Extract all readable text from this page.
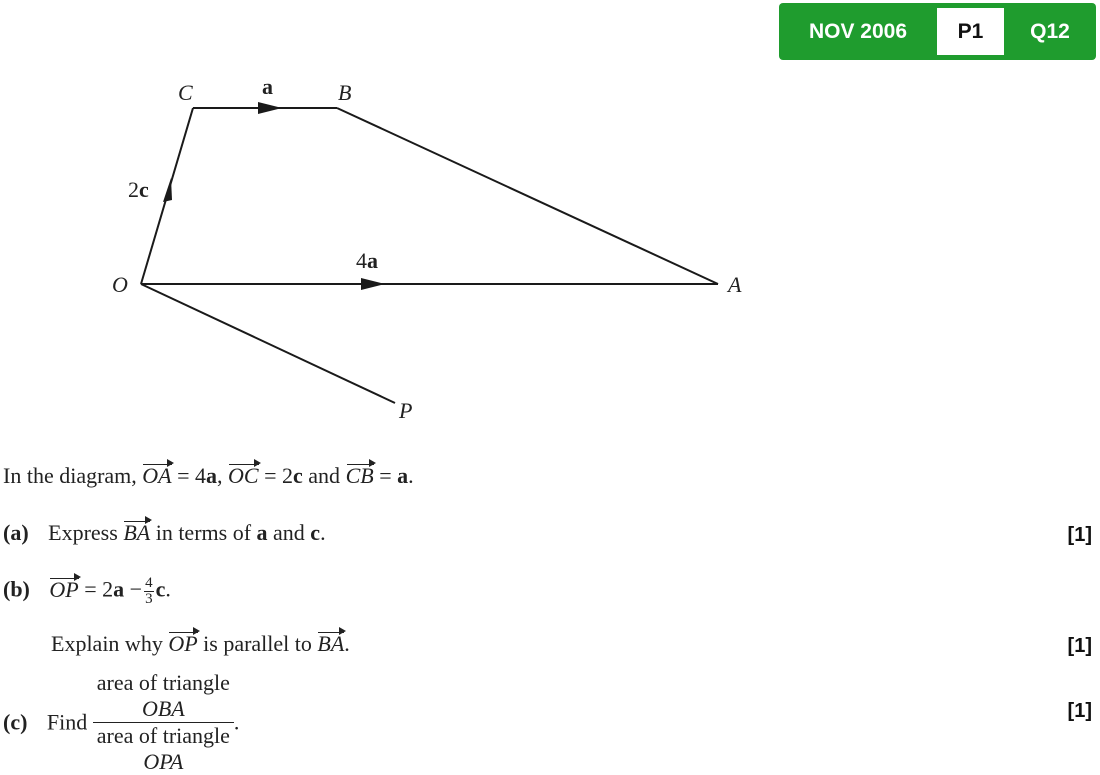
NOV 2006	P1	Q12
C	a	B
2c
4a
O	A
P
In the diagram, OA = 4a, OC = 2c and CB = a.
(a) Express BA in terms of a and c.	[1]
(b) OP = $2a - \frac{4}{3} c$.
Explain why OP is parallel to BA.	[1]
(c) Find
area of triangle
OBA
area of triangle
OPA
.	[1]
